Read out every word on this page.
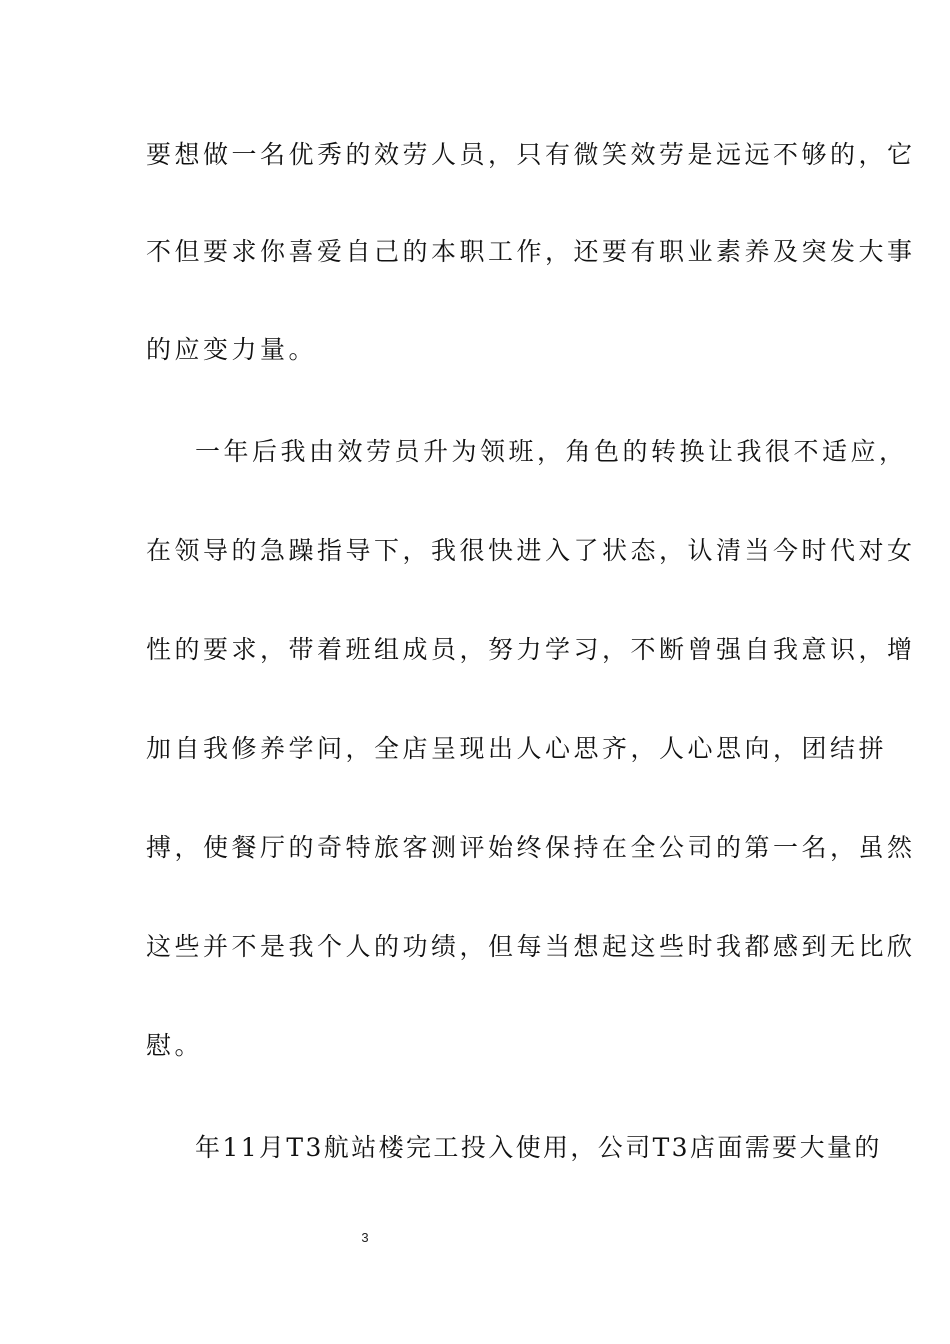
要想做一名优秀的效劳人员，只有微笑效劳是远远不够的，它
不但要求你喜爱自己的本职工作，还要有职业素养及突发大事
的应变力量。
一年后我由效劳员升为领班，角色的转换让我很不适应，
在领导的急躁指导下，我很快进入了状态，认清当今时代对女
性的要求，带着班组成员，努力学习，不断曾强自我意识，增
加自我修养学问，全店呈现出人心思齐，人心思向，团结拼
搏，使餐厅的奇特旅客测评始终保持在全公司的第一名，虽然
这些并不是我个人的功绩，但每当想起这些时我都感到无比欣
慰。
年11月T3航站楼完工投入使用，公司T3店面需要大量的
3
